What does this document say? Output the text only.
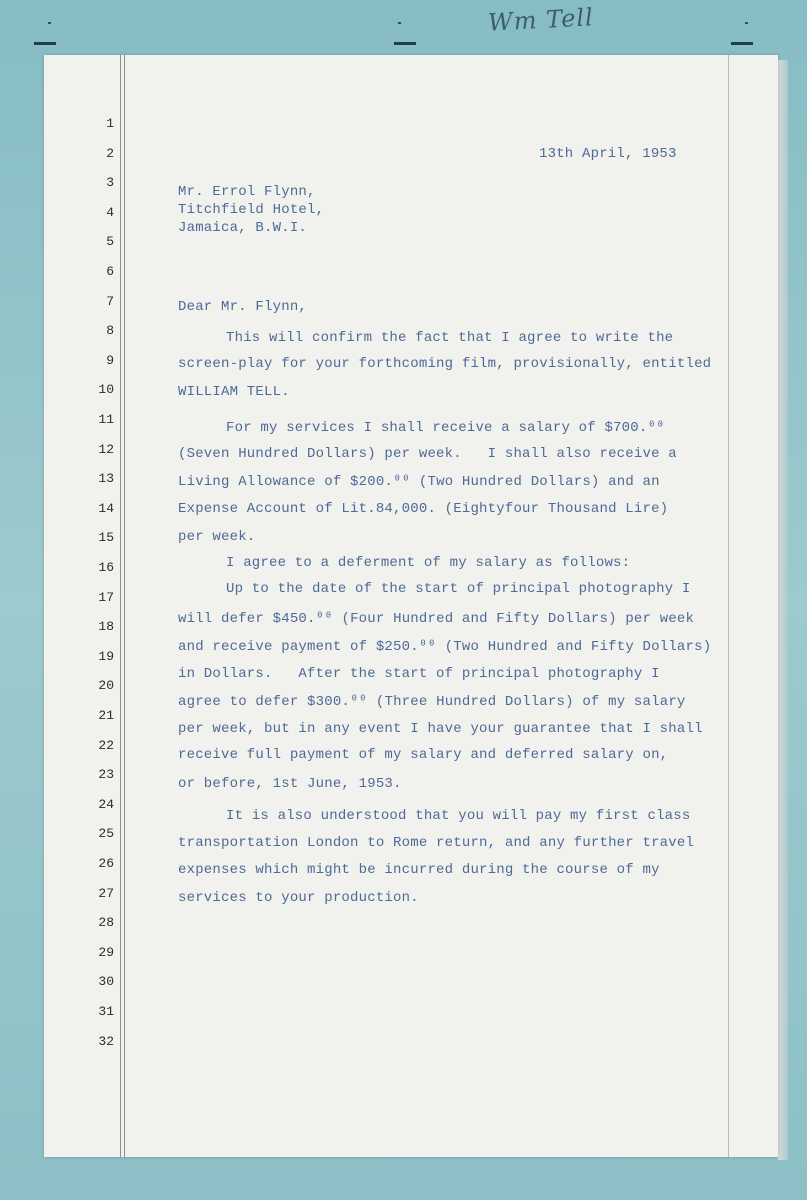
Wm Tell
1
2
3
4
5
6
7
8
9
10
11
12
13
14
15
16
17
18
19
20
21
22
23
24
25
26
27
28
29
30
31
32
13th April, 1953
Mr. Errol Flynn,
Titchfield Hotel,
Jamaica, B.W.I.
Dear Mr. Flynn,
This will confirm the fact that I agree to write the
screen-play for your forthcoming film, provisionally, entitled
WILLIAM TELL.
For my services I shall receive a salary of $700.⁰⁰
(Seven Hundred Dollars) per week.   I shall also receive a
Living Allowance of $200.⁰⁰ (Two Hundred Dollars) and an
Expense Account of Lit.84,000. (Eightyfour Thousand Lire)
per week.
I agree to a deferment of my salary as follows:
Up to the date of the start of principal photography I
will defer $450.⁰⁰ (Four Hundred and Fifty Dollars) per week
and receive payment of $250.⁰⁰ (Two Hundred and Fifty Dollars)
in Dollars.   After the start of principal photography I
agree to defer $300.⁰⁰ (Three Hundred Dollars) of my salary
per week, but in any event I have your guarantee that I shall
receive full payment of my salary and deferred salary on,
or before, 1st June, 1953.
It is also understood that you will pay my first class
transportation London to Rome return, and any further travel
expenses which might be incurred during the course of my
services to your production.
